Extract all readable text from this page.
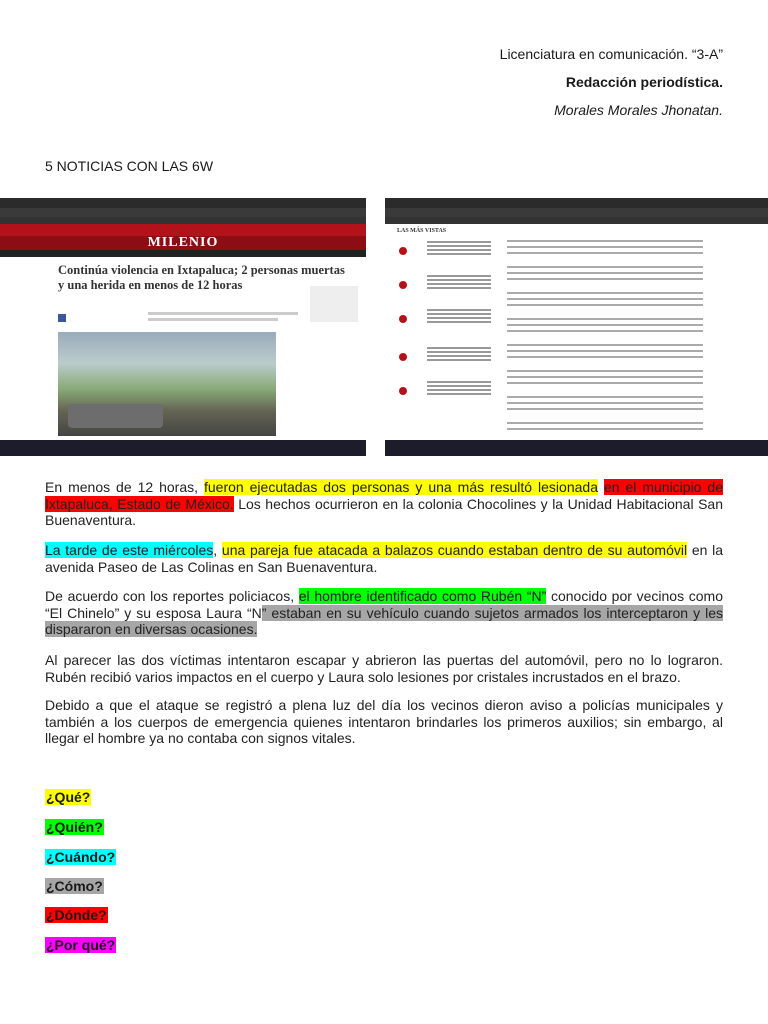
Licenciatura en comunicación. “3-A”
Redacción periodística.
Morales Morales Jhonatan.
5 NOTICIAS CON LAS 6W
MILENIO
Continúa violencia en Ixtapaluca; 2 personas muertas y una herida en menos de 12 horas
LAS MÁS VISTAS

En menos de 12 horas, fueron ejecutadas dos personas y una más resultó lesionada en el municipio de Ixtapaluca, Estado de México. Los hechos ocurrieron en la colonia Chocolines y la Unidad Habitacional San Buenaventura.

La tarde de este miércoles, una pareja fue atacada a balazos cuando estaban dentro de su automóvil en la avenida Paseo de Las Colinas en San Buenaventura.

De acuerdo con los reportes policiacos, el hombre identificado como Rubén “N” conocido por vecinos como “El Chinelo” y su esposa Laura “N” estaban en su vehículo cuando sujetos armados los interceptaron y les dispararon en diversas ocasiones.

Al parecer las dos víctimas intentaron escapar y abrieron las puertas del automóvil, pero no lo lograron. Rubén recibió varios impactos en el cuerpo y Laura solo lesiones por cristales incrustados en el brazo.

Debido a que el ataque se registró a plena luz del día los vecinos dieron aviso a policías municipales y también a los cuerpos de emergencia quienes intentaron brindarles los primeros auxilios; sin embargo, al llegar el hombre ya no contaba con signos vitales.

¿Qué?
¿Quién?
¿Cuándo?
¿Cómo?
¿Dónde?
¿Por qué?
